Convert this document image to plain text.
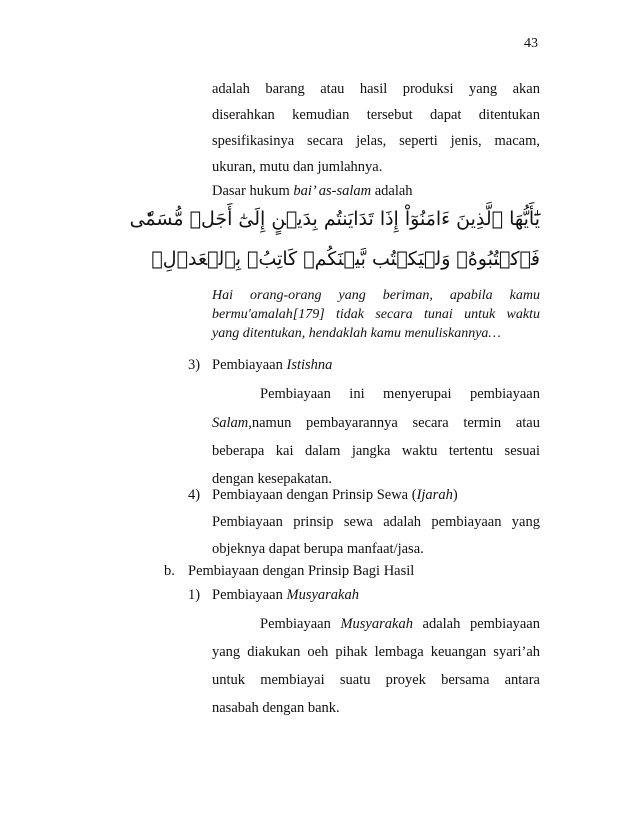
43
adalah barang atau hasil produksi yang akan
diserahkan kemudian tersebut dapat ditentukan
spesifikasinya secara jelas, seperti jenis, macam,
ukuran, mutu dan jumlahnya.
Dasar hukum bai’ as-salam adalah
يَٰٓأَيُّهَا ٱلَّذِينَ ءَامَنُوٓاْ إِذَا تَدَايَنتُم بِدَيۡنٍ إِلَىٰٓ أَجَلٖ مُّسَمّٗى
فَٱكۡتُبُوهُۚ وَلۡيَكۡتُب بَّيۡنَكُمۡ كَاتِبُۢ بِٱلۡعَدۡلِۚ
Hai orang-orang yang beriman, apabila kamu
bermu'amalah[179] tidak secara tunai untuk waktu
yang ditentukan, hendaklah kamu menuliskannya…
3) Pembiayaan Istishna
Pembiayaan ini menyerupai pembiayaan
Salam,namun pembayarannya secara termin atau
beberapa kai dalam jangka waktu tertentu sesuai
dengan kesepakatan.
4) Pembiayaan dengan Prinsip Sewa (Ijarah)
Pembiayaan prinsip sewa adalah pembiayaan yang
objeknya dapat berupa manfaat/jasa.
b. Pembiayaan dengan Prinsip Bagi Hasil
1) Pembiayaan Musyarakah
Pembiayaan Musyarakah adalah pembiayaan
yang diakukan oeh pihak lembaga keuangan syari’ah
untuk membiayai suatu proyek bersama antara
nasabah dengan bank.
